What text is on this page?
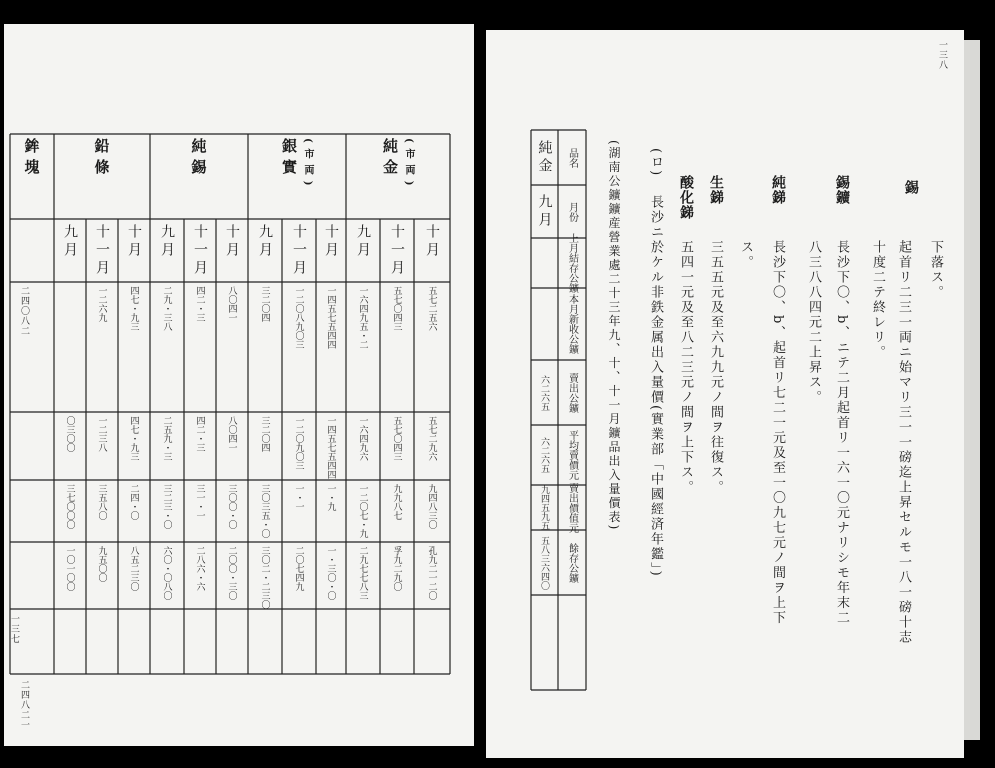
純金 (市両)
銀實 (市両)
純錫
鉛條
鉾塊
十月
十一月
九月
十月
十一月
九月
十月
十一月
九月
十月
十一月
九月
五七二五六
五七二九六
九四八三〇
孔九二一二〇
五七〇四三
五七〇四三
九九八七
孚九二九〇
一六四九五・二
一六四九六
一二〇七・九
二九七七八三
一四五七五四四
一四五七五四四
一・九
一・三〇・〇
一二〇八九〇三
一二〇九〇三
一・一
二〇七四九
三二〇四
三二〇四
三〇三五・〇
三〇二・二三〇
八〇四一
八〇四一
三〇〇・〇
二〇〇・三〇
四二・三
四二・三
三一・一
二八六・六
二九・三八
二五九・三
三二三・〇
六〇・〇八〇
四七・九三
四七・九三
二四・〇
八五二三〇
一二六九
一二三八
三五八〇
九五〇〇
〇三〇〇
三七〇〇〇
一〇一〇〇
二四〇八二
二四八二一
一三七
一三八
下落ス。
錫
起首リ二三一両ニ始マリ三一一磅迄上昇セルモ一八一磅十志
十度二テ終レリ。
錫鑛
長沙下〇、b、ニテ二月起首リ一六一〇元ナリシモ年末二
八三八八四元二上昇ス。
純銻
長沙下〇、b、起首リ七二一元及至一〇九七元ノ間ヲ上下
ス。
生銻
三五五元及至六九九元ノ間ヲ往復ス。
酸化銻
五四一元及至八二三元ノ間ヲ上下ス。
(ロ)
長沙ニ於ケル非鉄金属出入量價(實業部「中國經済年鑑」)
(湖南公鑛鑛産營業處二十三年九、十、十一月鑛品出入量價表)
品名
月份
上月結存公鑛
本月新收公鑛
賣出公鑛
平均賣價元
賣出價值元
餘存公鑛
純金
九月
六二六五
六二六五
九四五九五
五八三六四〇
